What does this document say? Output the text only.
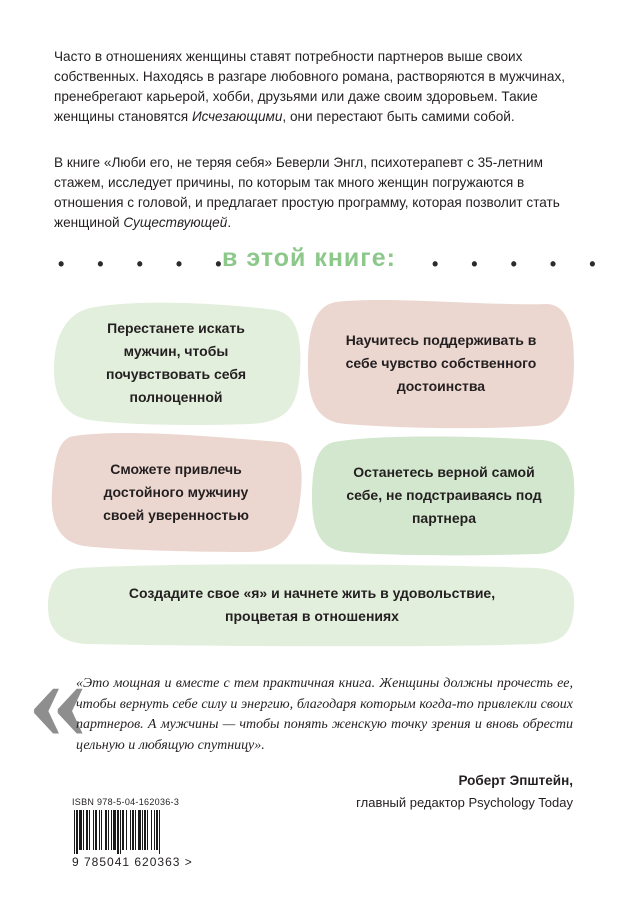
Часто в отношениях женщины ставят потребности партнеров выше своих собственных. Находясь в разгаре любовного романа, растворяются в мужчинах, пренебрегают карьерой, хобби, друзьями или даже своим здоровьем. Такие женщины становятся Исчезающими, они перестают быть самими собой.

В книге «Люби его, не теряя себя» Беверли Энгл, психотерапевт с 35-летним стажем, исследует причины, по которым так много женщин погружаются в отношения с головой, и предлагает простую программу, которая позволит стать женщиной Существующей.

• • • • •
в этой книге:	• • • • •
Перестанете искать мужчин, чтобы почувствовать себя полноценной
Научитесь поддерживать в себе чувство собственного достоинства
Сможете привлечь достойного мужчину своей уверенностью
Останетесь верной самой себе, не подстраиваясь под партнера
Создадите свое «я» и начнете жить в удовольствие, процветая в отношениях
«

«Это мощная и вместе с тем практичная книга. Женщины должны прочесть ее, чтобы вернуть себе силу и энергию, благодаря которым когда-то привлекли своих партнеров. А мужчины — чтобы понять женскую точку зрения и вновь обрести цельную и любящую спутницу».

Роберт Эпштейн,
главный редактор Psychology Today
ISBN 978-5-04-162036-3
9 785041 620363 >
